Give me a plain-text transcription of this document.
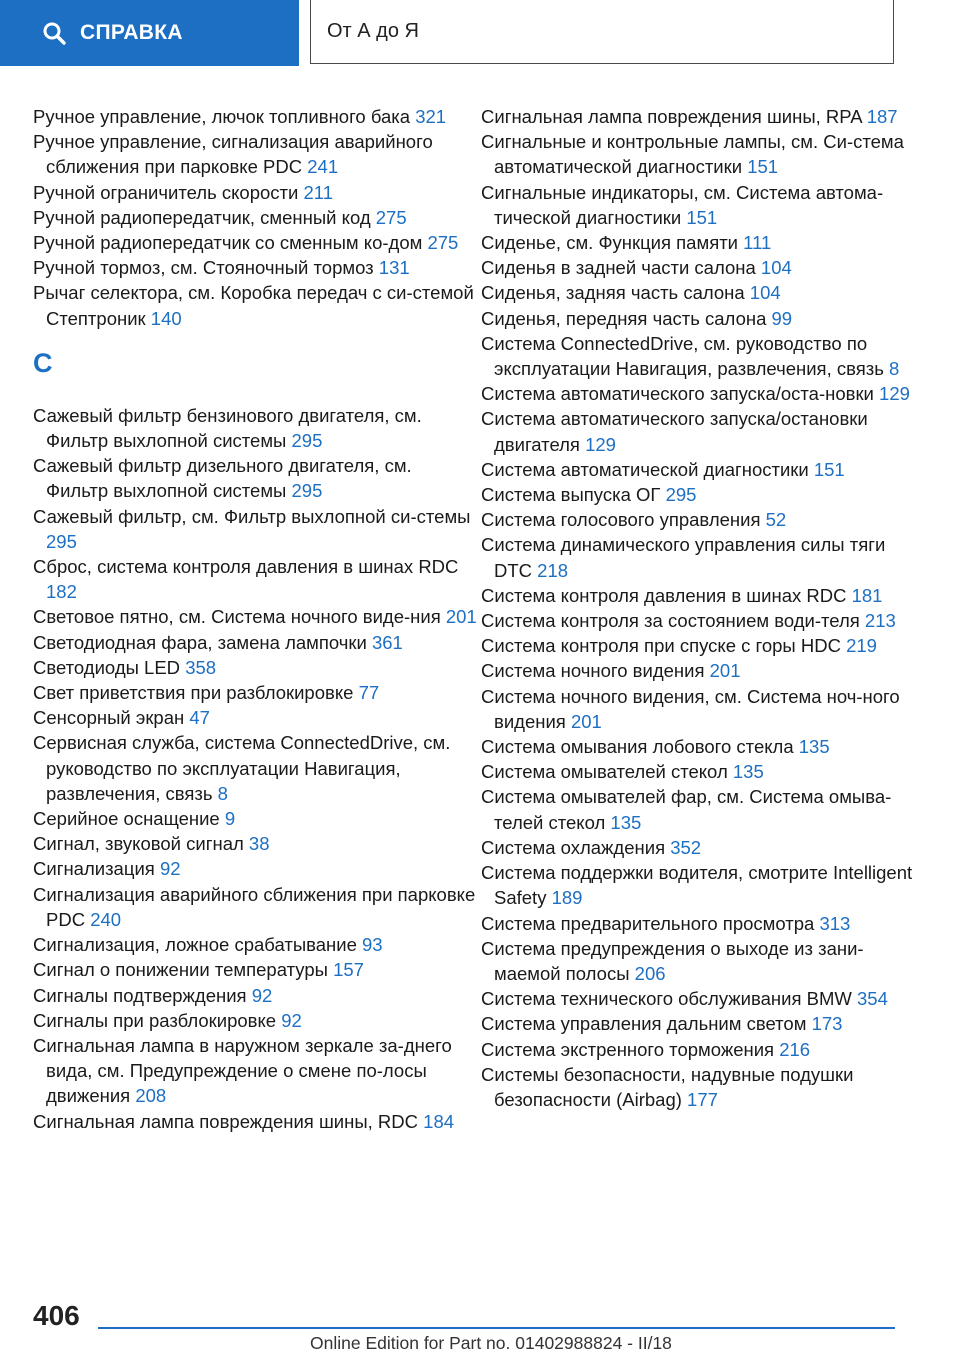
СПРАВКА	От А до Я
Ручное управление, лючок топливного бака 321
Ручное управление, сигнализация аварийного сближения при парковке PDC 241
Ручной ограничитель скорости 211
Ручной радиопередатчик, сменный код 275
Ручной радиопередатчик со сменным ко-дом 275
Ручной тормоз, см. Стояночный тормоз 131
Рычаг селектора, см. Коробка передач с си-стемой Стептроник 140
С
Сажевый фильтр бензинового двигателя, см. Фильтр выхлопной системы 295
Сажевый фильтр дизельного двигателя, см. Фильтр выхлопной системы 295
Сажевый фильтр, см. Фильтр выхлопной си-стемы 295
Сброс, система контроля давления в шинах RDC 182
Световое пятно, см. Система ночного виде-ния 201
Светодиодная фара, замена лампочки 361
Светодиоды LED 358
Свет приветствия при разблокировке 77
Сенсорный экран 47
Сервисная служба, система ConnectedDrive, см. руководство по эксплуатации Навигация, развлечения, связь 8
Серийное оснащение 9
Сигнал, звуковой сигнал 38
Сигнализация 92
Сигнализация аварийного сближения при парковке PDC 240
Сигнализация, ложное срабатывание 93
Сигнал о понижении температуры 157
Сигналы подтверждения 92
Сигналы при разблокировке 92
Сигнальная лампа в наружном зеркале за-днего вида, см. Предупреждение о смене по-лосы движения 208
Сигнальная лампа повреждения шины, RDC 184
Сигнальная лампа повреждения шины, RPA 187
Сигнальные и контрольные лампы, см. Си-стема автоматической диагностики 151
Сигнальные индикаторы, см. Система автома-тической диагностики 151
Сиденье, см. Функция памяти 111
Сиденья в задней части салона 104
Сиденья, задняя часть салона 104
Сиденья, передняя часть салона 99
Система ConnectedDrive, см. руководство по эксплуатации Навигация, развлечения, связь 8
Система автоматического запуска/оста-новки 129
Система автоматического запуска/остановки двигателя 129
Система автоматической диагностики 151
Система выпуска ОГ 295
Система голосового управления 52
Система динамического управления силы тяги DTC 218
Система контроля давления в шинах RDC 181
Система контроля за состоянием води-теля 213
Система контроля при спуске с горы HDC 219
Система ночного видения 201
Система ночного видения, см. Система ноч-ного видения 201
Система омывания лобового стекла 135
Система омывателей стекол 135
Система омывателей фар, см. Система омыва-телей стекол 135
Система охлаждения 352
Система поддержки водителя, смотрите Intelligent Safety 189
Система предварительного просмотра 313
Система предупреждения о выходе из зани-маемой полосы 206
Система технического обслуживания BMW 354
Система управления дальним светом 173
Система экстренного торможения 216
Системы безопасности, надувные подушки безопасности (Airbag) 177
406
Online Edition for Part no. 01402988824 - II/18
